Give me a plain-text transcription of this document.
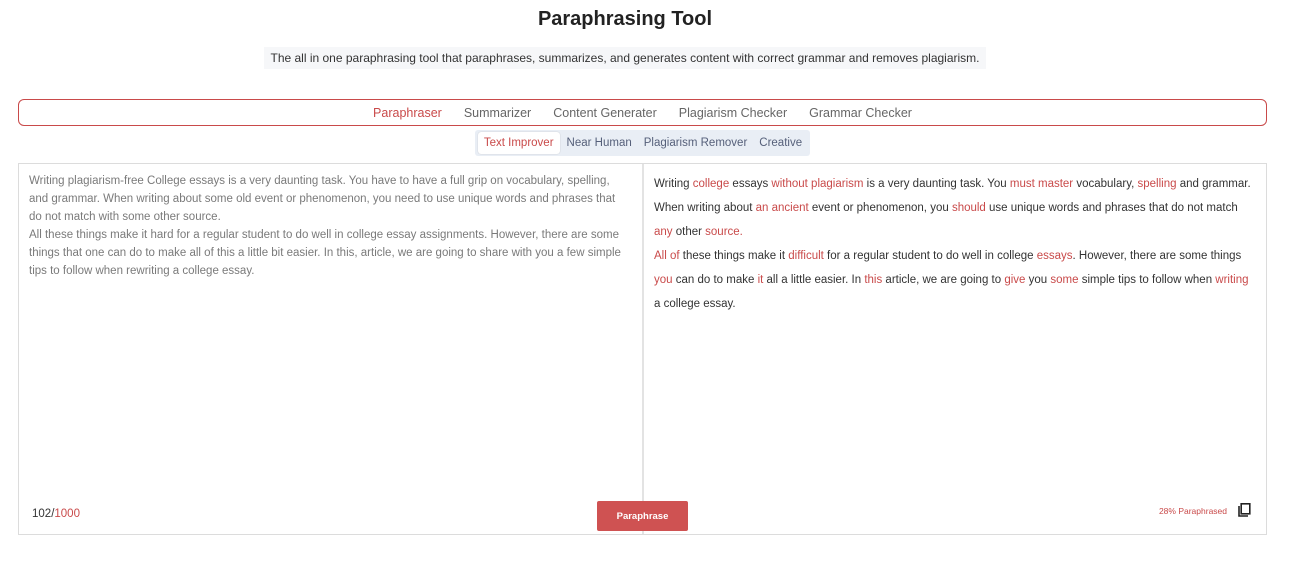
Paraphrasing Tool
The all in one paraphrasing tool that paraphrases, summarizes, and generates content with correct grammar and removes plagiarism.
Paraphraser Summarizer Content Generater Plagiarism Checker Grammar Checker
Text Improver	Near Human	Plagiarism Remover	Creative

Writing plagiarism-free College essays is a very daunting task. You have to have a full grip on vocabulary, spelling, and grammar. When writing about some old event or phenomenon, you need to use unique words and phrases that do not match with some other source.

All these things make it hard for a regular student to do well in college essay assignments. However, there are some things that one can do to make all of this a little bit easier. In this, article, we are going to share with you a few simple tips to follow when rewriting a college essay.

Writing college essays without plagiarism is a very daunting task. You must master vocabulary, spelling and grammar. When writing about an ancient event or phenomenon, you should use unique words and phrases that do not match any other source.

All of these things make it difficult for a regular student to do well in college essays. However, there are some things you can do to make it all a little easier. In this article, we are going to give you some simple tips to follow when writing a college essay.

102/1000	Paraphrase	28% Paraphrased
